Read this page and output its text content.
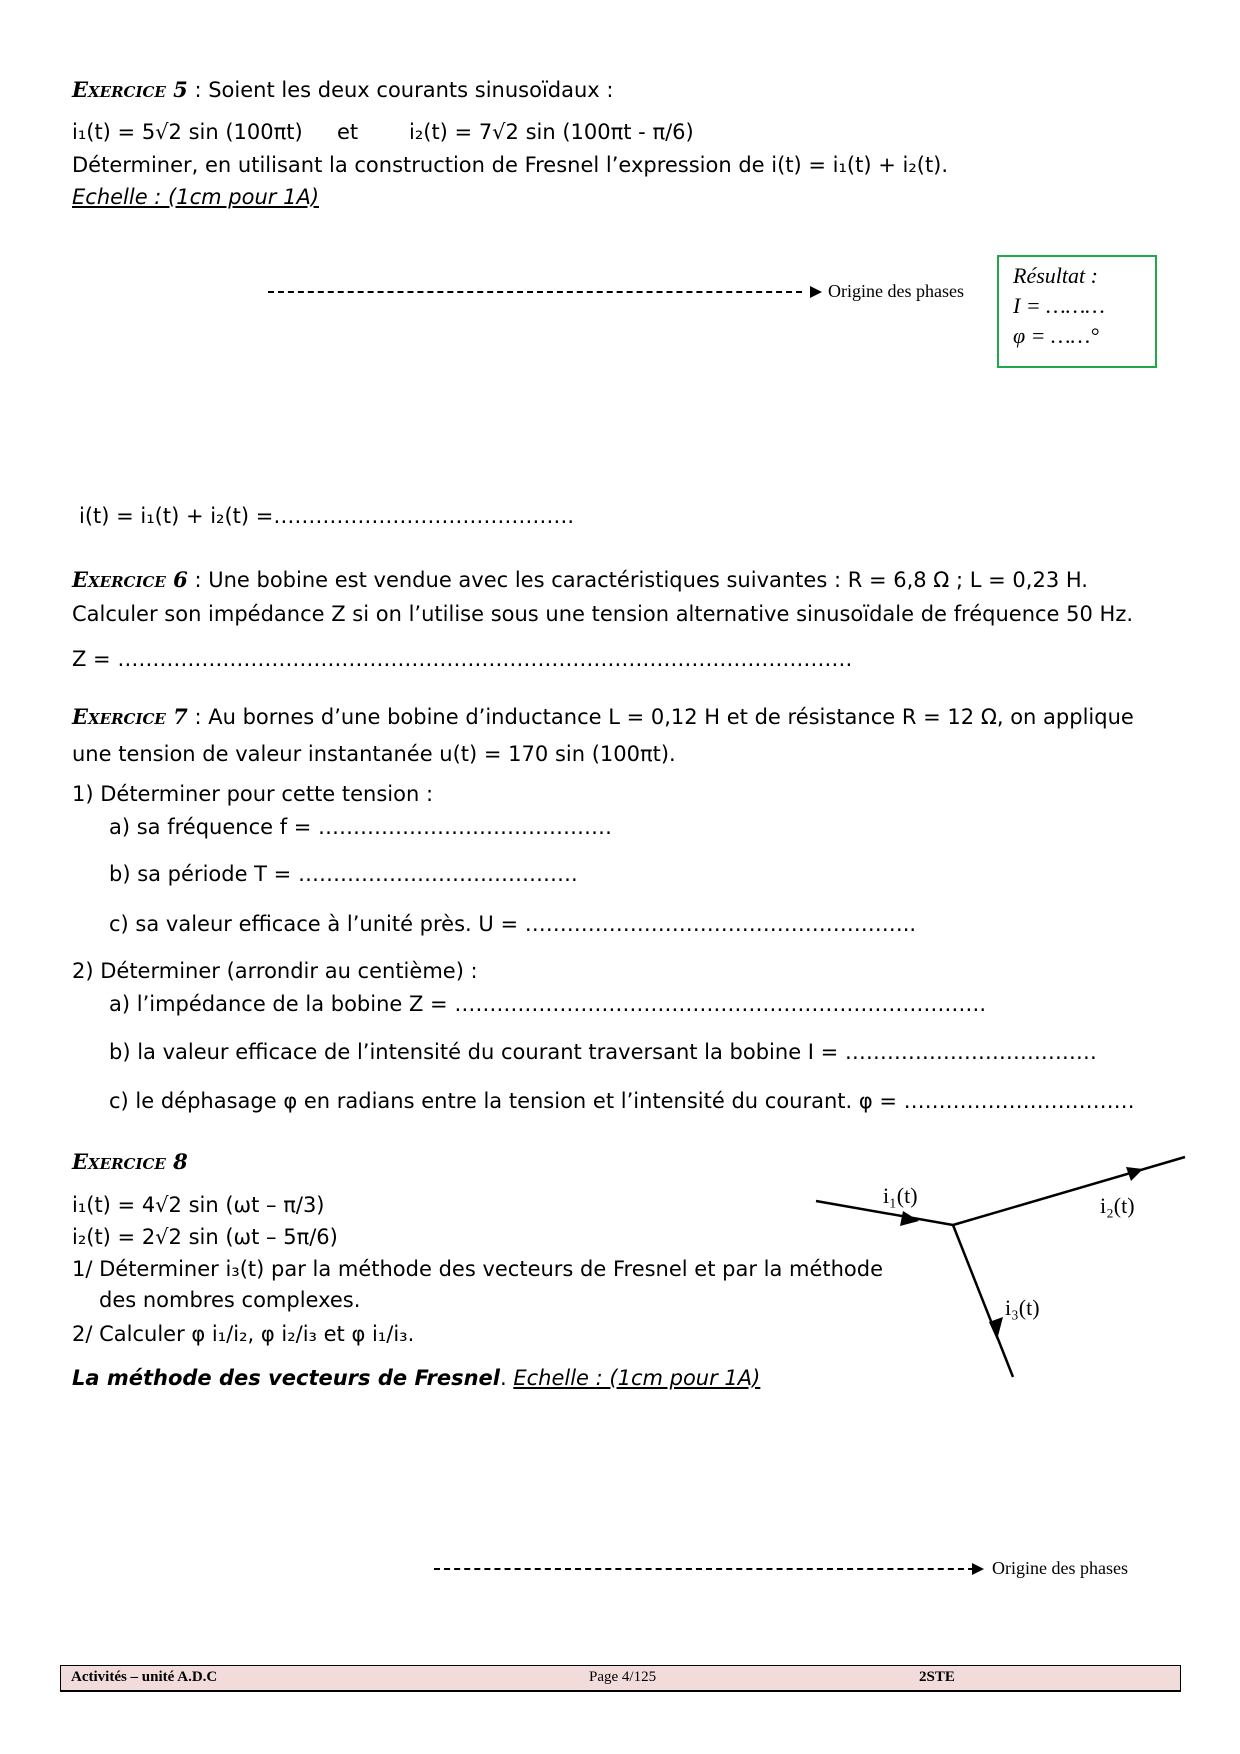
Exercice 5 : Soient les deux courants sinusoïdaux :
i₁(t) = 5√2 sin (100πt) et i₂(t) = 7√2 sin (100πt - π/6)
Déterminer, en utilisant la construction de Fresnel l’expression de i(t) = i₁(t) + i₂(t).
Echelle : (1cm pour 1A)
Origine des phases
Résultat :
I = ………
φ = ……°
i(t) = i₁(t) + i₂(t) =…………………………………….
Exercice 6 : Une bobine est vendue avec les caractéristiques suivantes : R = 6,8 Ω ; L = 0,23 H.
Calculer son impédance Z si on l’utilise sous une tension alternative sinusoïdale de fréquence 50 Hz.
Z = ……………………………………………………………………………………………
Exercice 7 : Au bornes d’une bobine d’inductance L = 0,12 H et de résistance R = 12 Ω, on applique
une tension de valeur instantanée u(t) = 170 sin (100πt).
1) Déterminer pour cette tension :
a) sa fréquence f = ……………………………………
b) sa période T = ………………………………….
c) sa valeur efficace à l’unité près. U = ………………………………………………..
2) Déterminer (arrondir au centième) :
a) l’impédance de la bobine Z = ………………………………………………………………….
b) la valeur efficace de l’intensité du courant traversant la bobine I = ………………………………
c) le déphasage φ en radians entre la tension et l’intensité du courant. φ = ……………………………
Exercice 8
i₁(t) = 4√2 sin (ωt – π/3)
i₂(t) = 2√2 sin (ωt – 5π/6)
1/ Déterminer i₃(t) par la méthode des vecteurs de Fresnel et par la méthode
des nombres complexes.
2/ Calculer φ i₁/i₂, φ i₂/i₃ et φ i₁/i₃.
La méthode des vecteurs de Fresnel. Echelle : (1cm pour 1A)
i₁(t)	i₂(t)
i₃(t)
Origine des phases
Activités – unité A.D.C	Page 4/125	2STE
